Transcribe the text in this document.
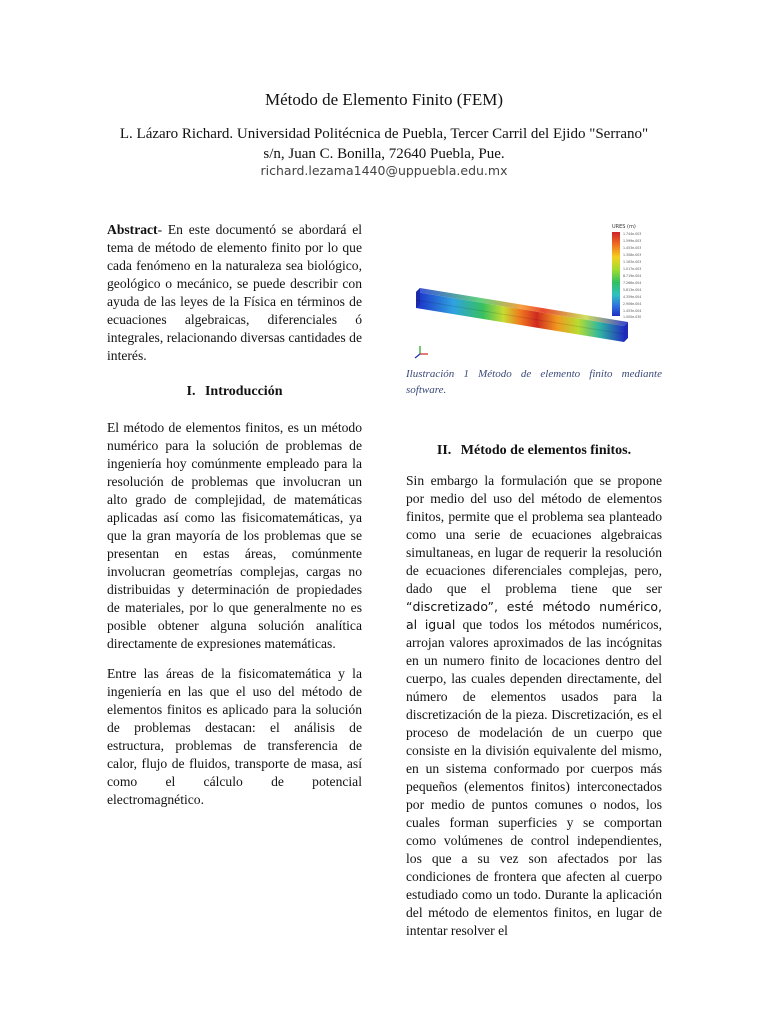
Método de Elemento Finito (FEM)
L. Lázaro Richard. Universidad Politécnica de Puebla, Tercer Carril del Ejido "Serrano"
s/n, Juan C. Bonilla, 72640 Puebla, Pue.
richard.lezama1440@uppuebla.edu.mx

Abstract- En este documentó se abordará el tema de método de elemento finito por lo que cada fenómeno en la naturaleza sea biológico, geológico o mecánico, se puede describir con ayuda de las leyes de la Física en términos de ecuaciones algebraicas, diferenciales ó integrales, relacionando diversas cantidades de interés.

I. Introducción

El método de elementos finitos, es un método numérico para la solución de problemas de ingeniería hoy comúnmente empleado para la resolución de problemas que involucran un alto grado de complejidad, de matemáticas aplicadas así como las fisicomatemáticas, ya que la gran mayoría de los problemas que se presentan en estas áreas, comúnmente involucran geometrías complejas, cargas no distribuidas y determinación de propiedades de materiales, por lo que generalmente no es posible obtener alguna solución analítica directamente de expresiones matemáticas.

Entre las áreas de la fisicomatemática y la ingeniería en las que el uso del método de elementos finitos es aplicado para la solución de problemas destacan: el análisis de estructura, problemas de transferencia de calor, flujo de fluidos, transporte de masa, así como el cálculo de potencial electromagnético.

URES (m)
1.744e-003
1.599e-003
1.453e-003
1.308e-003
1.163e-003
1.017e-003
8.719e-004
7.266e-004
5.813e-004
4.359e-004
2.906e-004
1.453e-004
1.000e-030

Ilustración 1 Método de elemento finito mediante software.

II. Método de elementos finitos.

Sin embargo la formulación que se propone por medio del uso del método de elementos finitos, permite que el problema sea planteado como una serie de ecuaciones algebraicas simultaneas, en lugar de requerir la resolución de ecuaciones diferenciales complejas, pero, dado que el problema tiene que ser “discretizado”, esté método numérico, al igual que todos los métodos numéricos, arrojan valores aproximados de las incógnitas en un numero finito de locaciones dentro del cuerpo, las cuales dependen directamente, del número de elementos usados para la discretización de la pieza. Discretización, es el proceso de modelación de un cuerpo que consiste en la división equivalente del mismo, en un sistema conformado por cuerpos más pequeños (elementos finitos) interconectados por medio de puntos comunes o nodos, los cuales forman superficies y se comportan como volúmenes de control independientes, los que a su vez son afectados por las condiciones de frontera que afecten al cuerpo estudiado como un todo. Durante la aplicación del método de elementos finitos, en lugar de intentar resolver el
